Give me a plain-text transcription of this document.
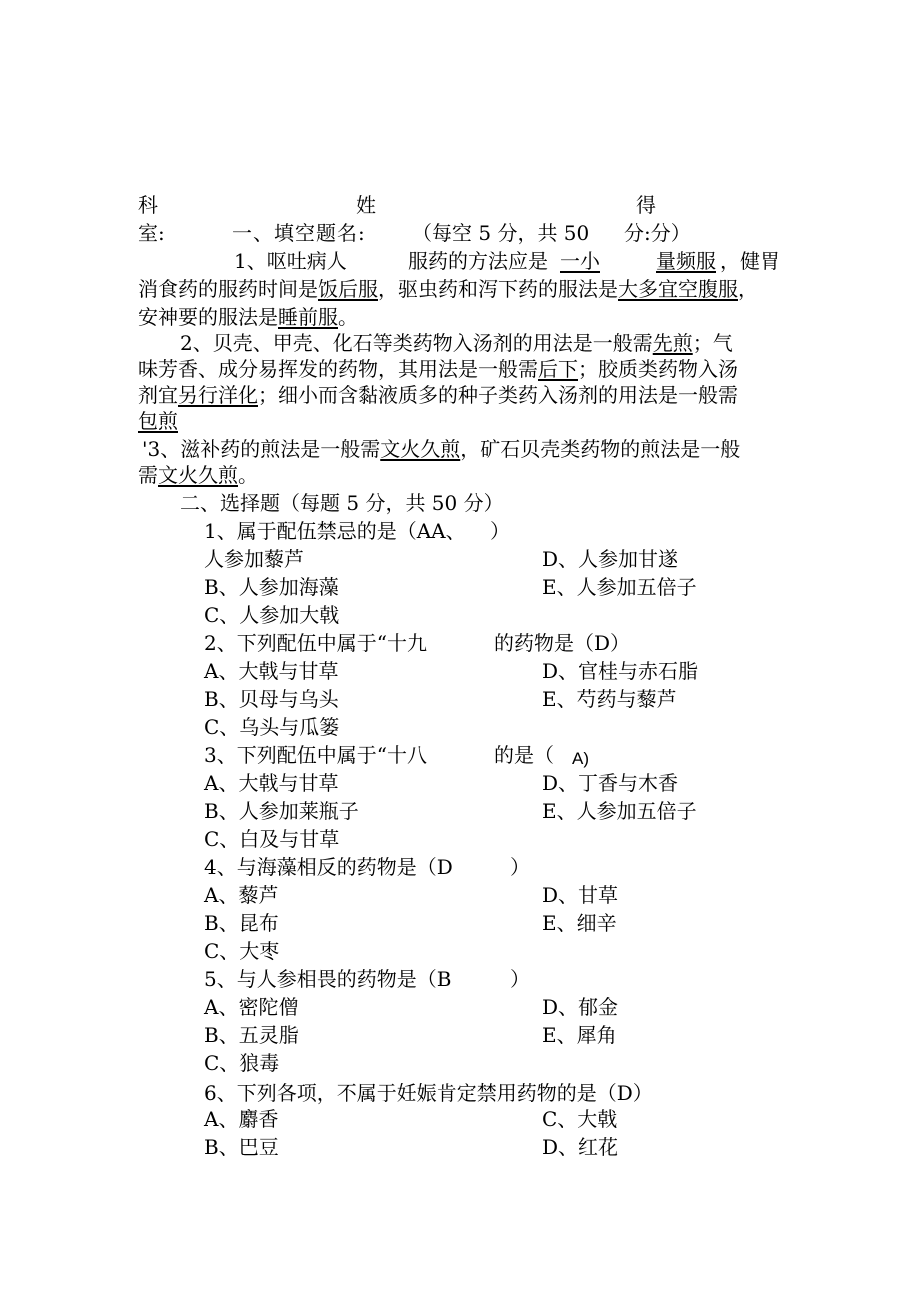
科	姓	得
室:	一、填空题名: （每空 5 分，共 50 分:分）
1、呕吐病人	服药的方法应是 一小	量频服 ，健胃
消食药的服药时间是饭后服，驱虫药和泻下药的服法是大多宜空腹服，
安神要的服法是睡前服。
2、贝壳、甲壳、化石等类药物入汤剂的用法是一般需先煎；气
味芳香、成分易挥发的药物，其用法是一般需后下；胶质类药物入汤
剂宜另行洋化；细小而含黏液质多的种子类药入汤剂的用法是一般需
包煎
'3、滋补药的煎法是一般需文火久煎，矿石贝壳类药物的煎法是一般
需文火久煎。
二、选择题（每题 5 分，共 50 分）
1、属于配伍禁忌的是（AA、 ）
人参加藜芦	D、人参加甘遂
B、人参加海藻	E、人参加五倍子
C、人参加大戟
2、下列配伍中属于“十九	的药物是（D）
A、大戟与甘草	D、官桂与赤石脂
B、贝母与乌头	E、芍药与藜芦
C、乌头与瓜篓
3、下列配伍中属于“十八	的是（ A)
A、大戟与甘草	D、丁香与木香
B、人参加莱瓶子	E、人参加五倍子
C、白及与甘草
4、与海藻相反的药物是（D	）
A、藜芦	D、甘草
B、昆布	E、细辛
C、大枣
5、与人参相畏的药物是（B	）
A、密陀僧	D、郁金
B、五灵脂	E、犀角
C、狼毒
6、下列各项，不属于妊娠肯定禁用药物的是（D）
A、麝香	C、大戟
B、巴豆	D、红花
